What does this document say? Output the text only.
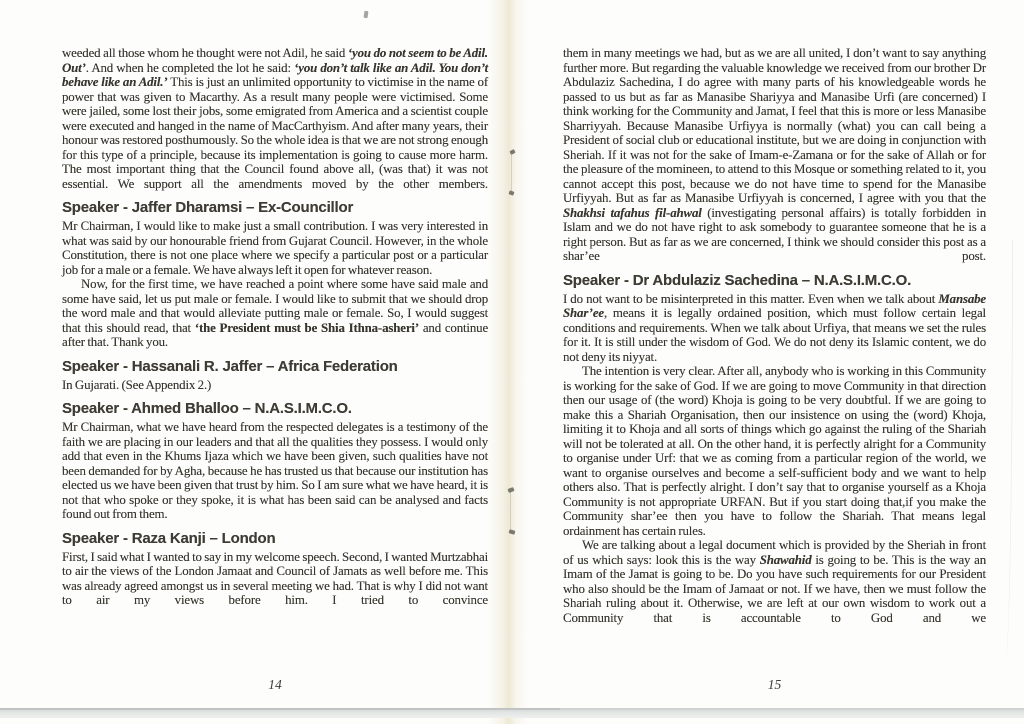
weeded all those whom he thought were not Adil, he said ‘you do not seem to be Adil. Out’. And when he completed the lot he said: ‘you don’t talk like an Adil. You don’t behave like an Adil.’ This is just an unlimited opportunity to victimise in the name of power that was given to Macarthy. As a result many people were victimised. Some were jailed, some lost their jobs, some emigrated from America and a scientist couple were executed and hanged in the name of MacCarthyism. And after many years, their honour was restored posthumously. So the whole idea is that we are not strong enough for this type of a principle, because its implementation is going to cause more harm. The most important thing that the Council found above all, (was that) it was not essential. We support all the amendments moved by the other members.

Speaker - Jaffer Dharamsi – Ex-Councillor

Mr Chairman, I would like to make just a small contribution. I was very interested in what was said by our honourable friend from Gujarat Council. However, in the whole Constitution, there is not one place where we specify a particular post or a particular job for a male or a female. We have always left it open for whatever reason.

Now, for the first time, we have reached a point where some have said male and some have said, let us put male or female. I would like to submit that we should drop the word male and that would alleviate putting male or female. So, I would suggest that this should read, that ‘the President must be Shia Ithna-asheri’ and continue after that. Thank you.

Speaker - Hassanali R. Jaffer – Africa Federation

In Gujarati. (See Appendix 2.)

Speaker - Ahmed Bhalloo – N.A.S.I.M.C.O.

Mr Chairman, what we have heard from the respected delegates is a testimony of the faith we are placing in our leaders and that all the qualities they possess. I would only add that even in the Khums Ijaza which we have been given, such qualities have not been demanded for by Agha, because he has trusted us that because our institution has elected us we have been given that trust by him. So I am sure what we have heard, it is not that who spoke or they spoke, it is what has been said can be analysed and facts found out from them.

Speaker - Raza Kanji – London

First, I said what I wanted to say in my welcome speech. Second, I wanted Murtzabhai to air the views of the London Jamaat and Council of Jamats as well before me. This was already agreed amongst us in several meeting we had. That is why I did not want to air my views before him. I tried to convince

them in many meetings we had, but as we are all united, I don’t want to say anything further more. But regarding the valuable knowledge we received from our brother Dr Abdulaziz Sachedina, I do agree with many parts of his knowledgeable words he passed to us but as far as Manasibe Shariyya and Manasibe Urfi (are concerned) I think working for the Community and Jamat, I feel that this is more or less Manasibe Sharriyyah. Because Manasibe Urfiyya is normally (what) you can call being a President of social club or educational institute, but we are doing in conjunction with Sheriah. If it was not for the sake of Imam-e-Zamana or for the sake of Allah or for the pleasure of the momineen, to attend to this Mosque or something related to it, you cannot accept this post, because we do not have time to spend for the Manasibe Urfiyyah. But as far as Manasibe Urfiyyah is concerned, I agree with you that the Shakhsi tafahus fil-ahwal (investigating personal affairs) is totally forbidden in Islam and we do not have right to ask somebody to guarantee someone that he is a right person. But as far as we are concerned, I think we should consider this post as a shar’ee post.

Speaker - Dr Abdulaziz Sachedina – N.A.S.I.M.C.O.

I do not want to be misinterpreted in this matter. Even when we talk about Mansabe Shar’ee, means it is legally ordained position, which must follow certain legal conditions and requirements. When we talk about Urfiya, that means we set the rules for it. It is still under the wisdom of God. We do not deny its Islamic content, we do not deny its niyyat.

The intention is very clear. After all, anybody who is working in this Community is working for the sake of God. If we are going to move Community in that direction then our usage of (the word) Khoja is going to be very doubtful. If we are going to make this a Shariah Organisation, then our insistence on using the (word) Khoja, limiting it to Khoja and all sorts of things which go against the ruling of the Shariah will not be tolerated at all. On the other hand, it is perfectly alright for a Community to organise under Urf: that we as coming from a particular region of the world, we want to organise ourselves and become a self-sufficient body and we want to help others also. That is perfectly alright. I don’t say that to organise yourself as a Khoja Community is not appropriate URFAN. But if you start doing that,if you make the Community shar’ee then you have to follow the Shariah. That means legal ordainment has certain rules.

We are talking about a legal document which is provided by the Sheriah in front of us which says: look this is the way Shawahid is going to be. This is the way an Imam of the Jamat is going to be. Do you have such requirements for our President who also should be the Imam of Jamaat or not. If we have, then we must follow the Shariah ruling about it. Otherwise, we are left at our own wisdom to work out a Community that is accountable to God and we

14	15
